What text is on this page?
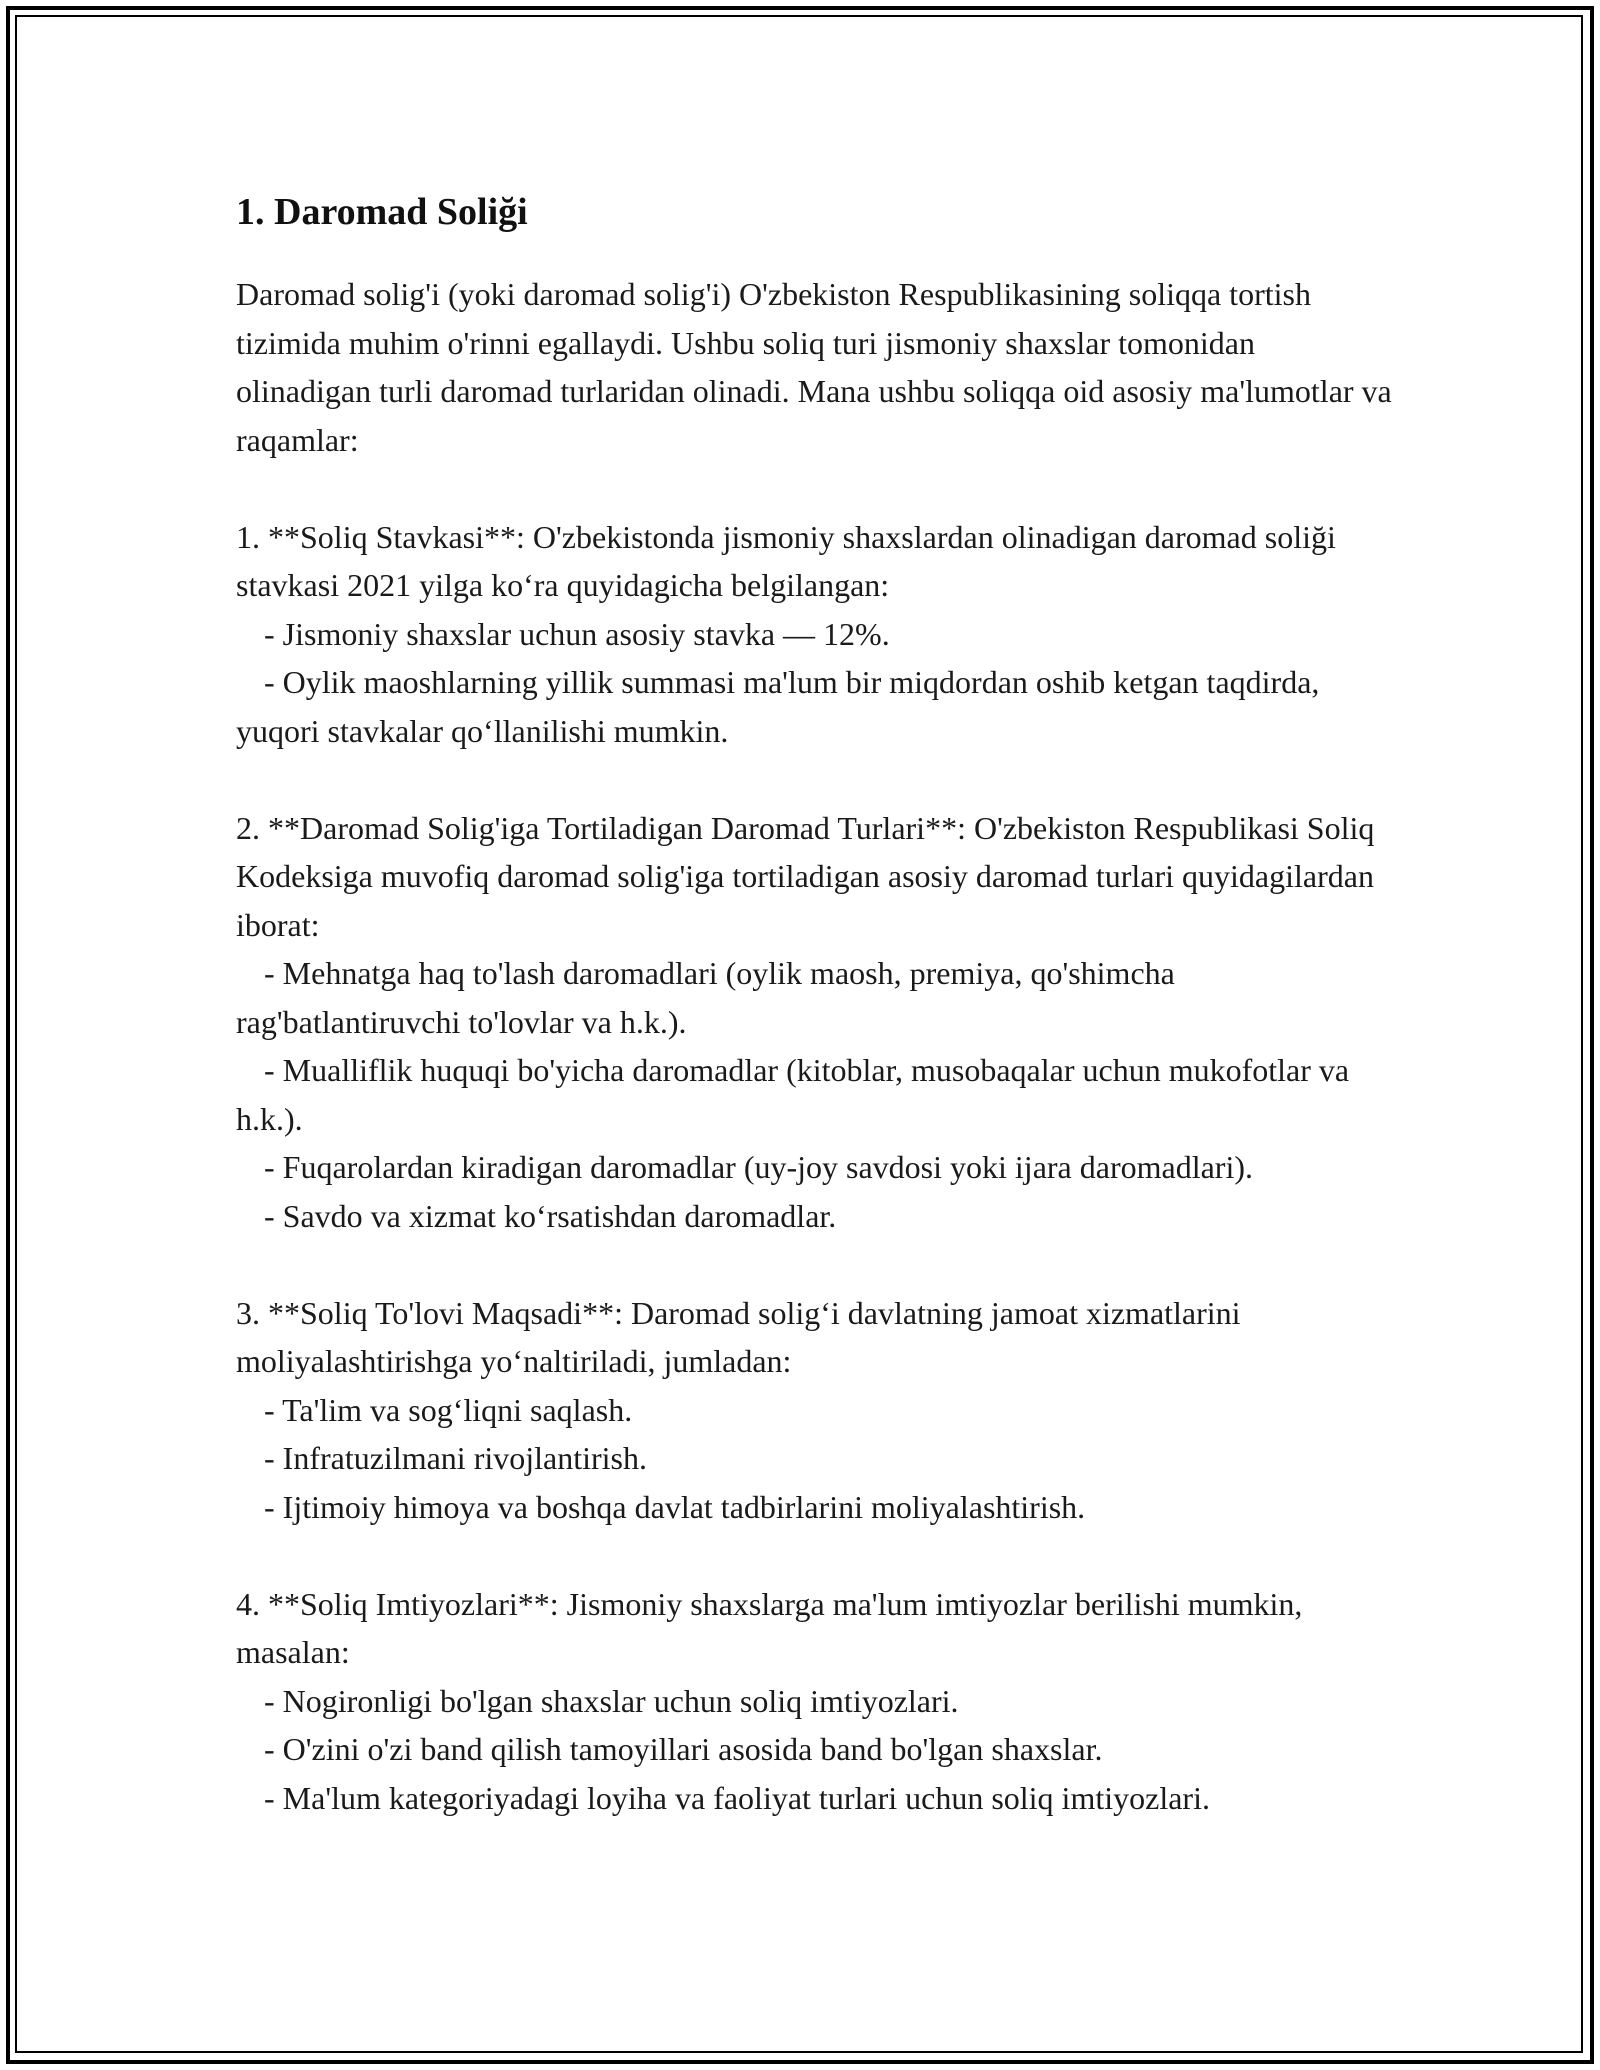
1. Daromad Soliği

Daromad solig'i (yoki daromad solig'i) O'zbekiston Respublikasining soliqqa tortish tizimida muhim o'rinni egallaydi. Ushbu soliq turi jismoniy shaxslar tomonidan olinadigan turli daromad turlaridan olinadi. Mana ushbu soliqqa oid asosiy ma'lumotlar va raqamlar:

1. **Soliq Stavkasi**: O'zbekistonda jismoniy shaxslardan olinadigan daromad soliği stavkasi 2021 yilga koʻra quyidagicha belgilangan:

- Jismoniy shaxslar uchun asosiy stavka — 12%.

- Oylik maoshlarning yillik summasi ma'lum bir miqdordan oshib ketgan taqdirda, yuqori stavkalar qoʻllanilishi mumkin.

2. **Daromad Solig'iga Tortiladigan Daromad Turlari**: O'zbekiston Respublikasi Soliq Kodeksiga muvofiq daromad solig'iga tortiladigan asosiy daromad turlari quyidagilardan iborat:

- Mehnatga haq to'lash daromadlari (oylik maosh, premiya, qo'shimcha rag'batlantiruvchi to'lovlar va h.k.).

- Mualliflik huquqi bo'yicha daromadlar (kitoblar, musobaqalar uchun mukofotlar va h.k.).

- Fuqarolardan kiradigan daromadlar (uy-joy savdosi yoki ijara daromadlari).

- Savdo va xizmat koʻrsatishdan daromadlar.

3. **Soliq To'lovi Maqsadi**: Daromad soligʻi davlatning jamoat xizmatlarini moliyalashtirishga yoʻnaltiriladi, jumladan:

- Ta'lim va sogʻliqni saqlash.

- Infratuzilmani rivojlantirish.

- Ijtimoiy himoya va boshqa davlat tadbirlarini moliyalashtirish.

4. **Soliq Imtiyozlari**: Jismoniy shaxslarga ma'lum imtiyozlar berilishi mumkin, masalan:

- Nogironligi bo'lgan shaxslar uchun soliq imtiyozlari.

- O'zini o'zi band qilish tamoyillari asosida band bo'lgan shaxslar.

- Ma'lum kategoriyadagi loyiha va faoliyat turlari uchun soliq imtiyozlari.
